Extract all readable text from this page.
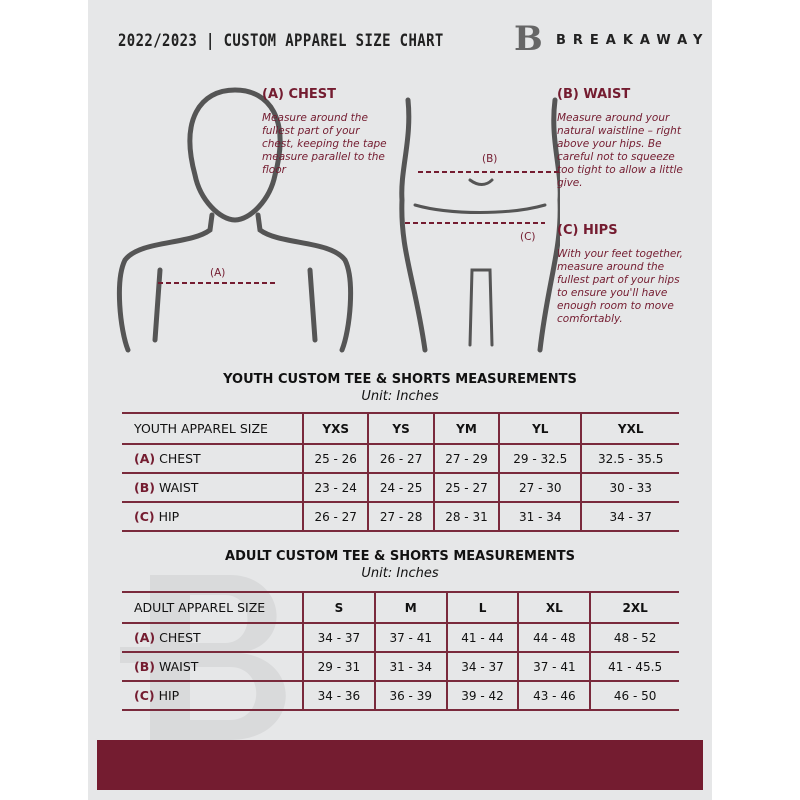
2022/2023 | CUSTOM APPAREL SIZE CHART B BREAKAWAY
(A)
(B)
(C)
(A) CHEST
Measure around the fullest part of your chest, keeping the tape measure parallel to the floor
(B) WAIST
Measure around your natural waistline – right above your hips. Be careful not to squeeze too tight to allow a little give.
(C) HIPS
With your feet together, measure around the fullest part of your hips to ensure you'll have enough room to move comfortably.
YOUTH CUSTOM TEE & SHORTS MEASUREMENTS
Unit: Inches
YOUTH APPAREL SIZE	YXS	YS	YM	YL	YXL
(A) CHEST	25 - 26	26 - 27	27 - 29	29 - 32.5	32.5 - 35.5
(B) WAIST	23 - 24	24 - 25	25 - 27	27 - 30	30 - 33
(C) HIP	26 - 27	27 - 28	28 - 31	31 - 34	34 - 37
ADULT CUSTOM TEE & SHORTS MEASUREMENTS
Unit: Inches
ADULT APPAREL SIZE	S	M	L	XL	2XL
(A) CHEST	34 - 37	37 - 41	41 - 44	44 - 48	48 - 52
(B) WAIST	29 - 31	31 - 34	34 - 37	37 - 41	41 - 45.5
(C) HIP	34 - 36	36 - 39	39 - 42	43 - 46	46 - 50
